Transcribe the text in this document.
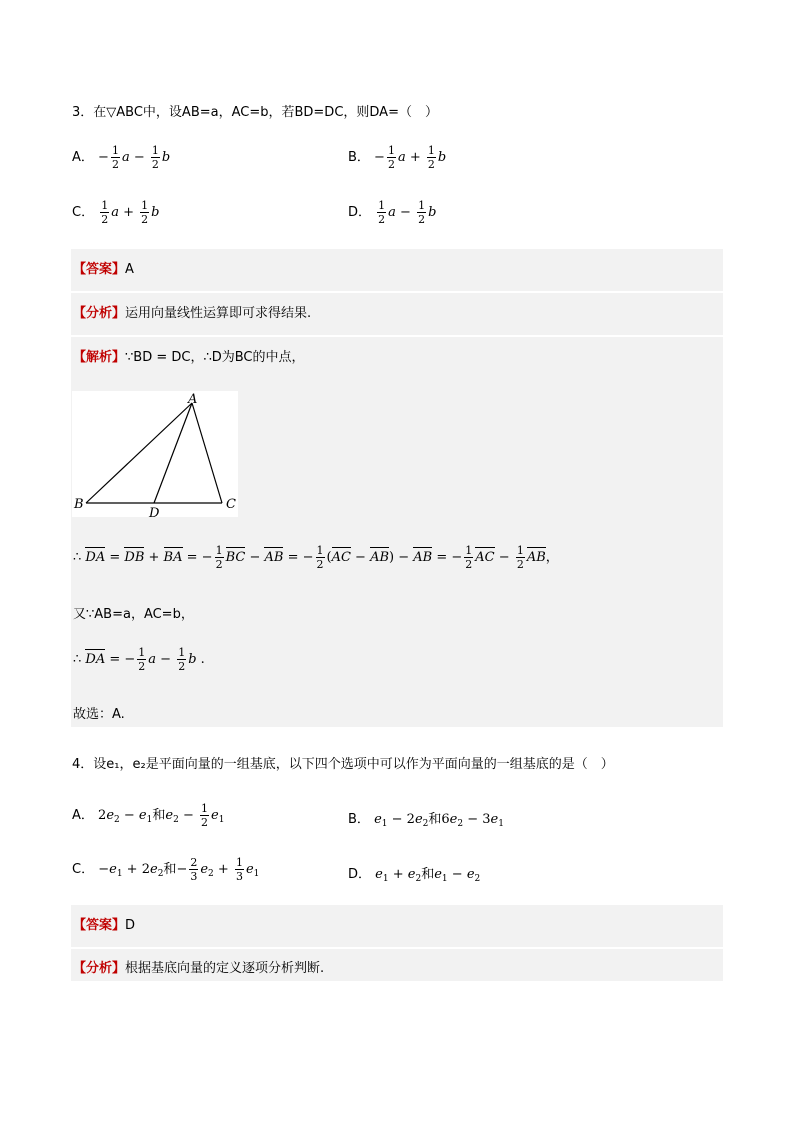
3．在▽ABC中，设AB=a，AC=b，若BD=DC，则DA=（　）
A． − $\frac{1}{2}$ $a - \frac{1}{2}$ b	B． − $\frac{1}{2}$ $a + \frac{1}{2}$ b
C． $\frac{1}{2}$ $a + \frac{1}{2}$ b	D． $\frac{1}{2}$ $a - \frac{1}{2}$ b
【答案】A
【分析】运用向量线性运算即可求得结果.
【解析】∵BD = DC，∴D为BC的中点，
∴ DA = DB + BA = − $\frac{1}{2}$ BC − AB = − $\frac{1}{2} (AC - AB)$ − AB = − $\frac{1}{2}$ AC − $\frac{1}{2}$ AB，
又∵AB=a，AC=b，
∴ DA = − $\frac{1}{2}$ $a - \frac{1}{2}$ b .
故选：A.
A
B	C
D
4．设e₁，e₂是平面向量的一组基底，以下四个选项中可以作为平面向量的一组基底的是（　）
A． $2e_2 - e_1$和$e_2 - \frac{1}{2} e_1$	B． $e_1 - 2e_2$和$6e_2 - 3e_1$
C． $-e_1 + 2e_2$和− $\frac{2}{3} e_2 + \frac{1}{3} e_1$	D． $e_1 + e_2$和$e_1 - e_2$
【答案】D
【分析】根据基底向量的定义逐项分析判断.
